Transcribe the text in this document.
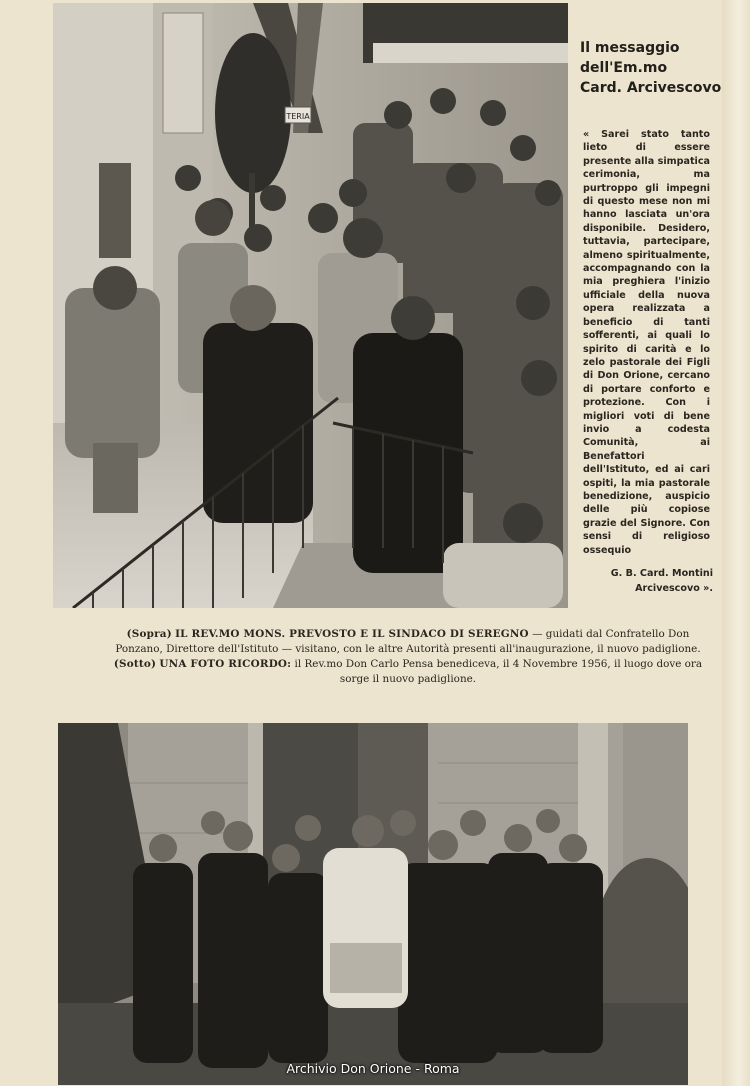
TERIA
Il messaggio
dell'Em.mo
Card. Arcivescovo
« Sarei stato tanto lieto di essere presente alla simpatica cerimonia, ma purtroppo gli impegni di questo mese non mi hanno lasciata un'ora disponibile. Desidero, tuttavia, partecipare, almeno spiritualmente, accompagnando con la mia preghiera l'inizio ufficiale della nuova opera realizzata a beneficio di tanti sofferenti, ai quali lo spirito di carità e lo zelo pastorale dei Figli di Don Orione, cercano di portare conforto e protezione. Con i migliori voti di bene invio a codesta Comunità, ai Benefattori dell'Istituto, ed ai cari ospiti, la mia pastorale benedizione, auspicio delle più copiose grazie del Signore. Con sensi di religioso ossequio
G. B. Card. Montini
Arcivescovo ».

(Sopra) IL REV.MO MONS. PREVOSTO E IL SINDACO DI SEREGNO — guidati dal Confratello Don Ponzano, Direttore dell'Istituto — visitano, con le altre Autorità presenti all'inaugurazione, il nuovo padiglione.

(Sotto) UNA FOTO RICORDO: il Rev.mo Don Carlo Pensa benediceva, il 4 Novembre 1956, il luogo dove ora sorge il nuovo padiglione.

Archivio Don Orione - Roma
